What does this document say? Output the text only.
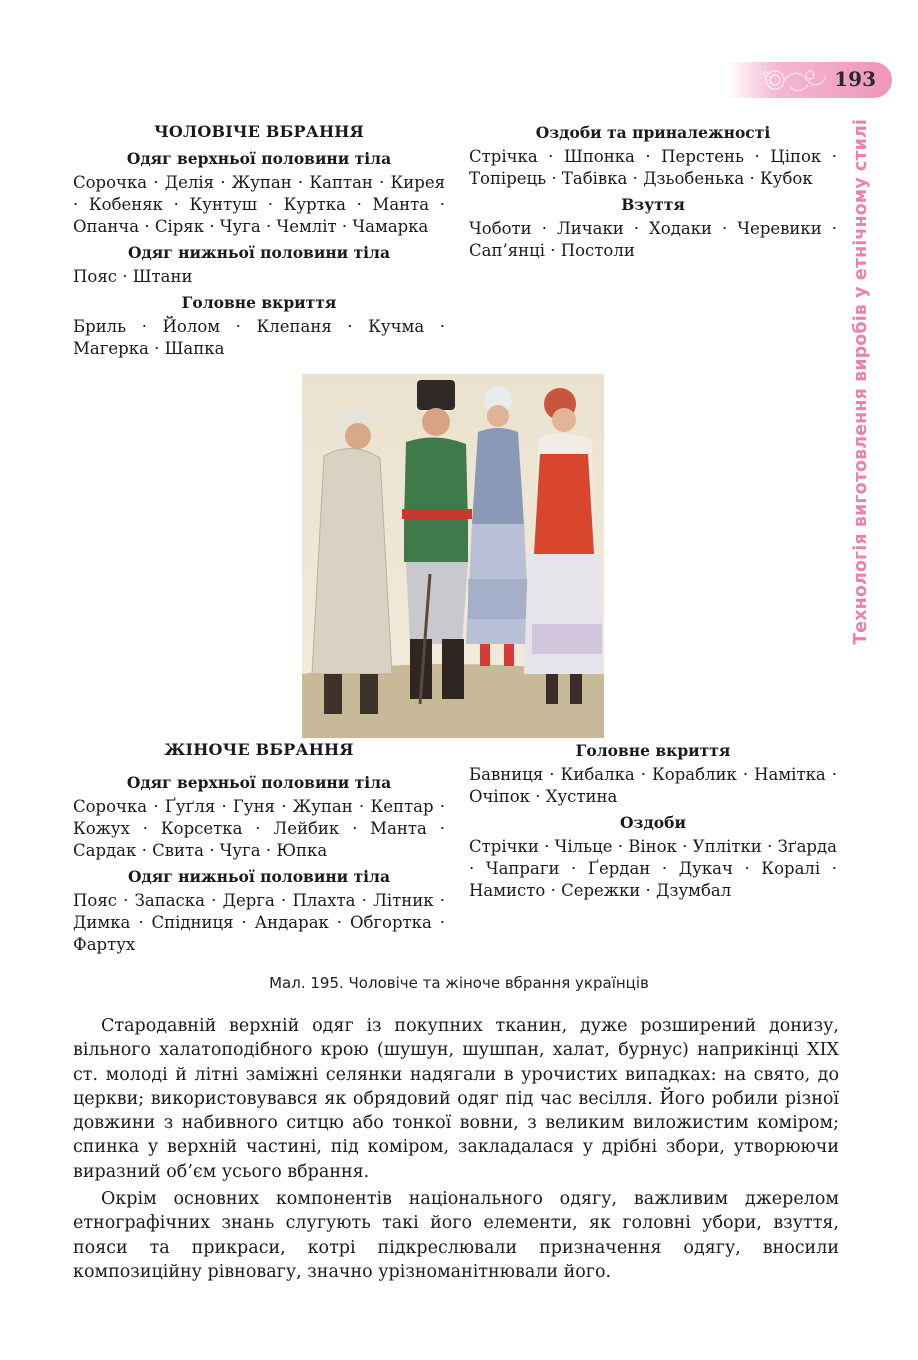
193
Технологія виготовлення виробів у етнічному стилі
ЧОЛОВІЧЕ ВБРАННЯ
Одяг верхньої половини тіла
Сорочка · Делія · Жупан · Каптан · Кирея · Кобеняк · Кунтуш · Куртка · Манта · Опанча · Сіряк · Чуга · Чемліт · Чамарка
Одяг нижньої половини тіла
Пояс · Штани
Головне вкриття
Бриль · Йолом · Клепаня · Кучма · Магерка · Шапка
Оздоби та приналежності
Стрічка · Шпонка · Перстень · Ціпок · Топірець · Табівка · Дзьобенька · Кубок
Взуття
Чоботи · Личаки · Ходаки · Черевики · Сап’янці · Постоли
ЖІНОЧЕ ВБРАННЯ
Одяг верхньої половини тіла
Сорочка · Ґуґля · Гуня · Жупан · Кептар · Кожух · Корсетка · Лейбик · Манта · Сардак · Свита · Чуга · Юпка
Одяг нижньої половини тіла
Пояс · Запаска · Дерга · Плахта · Літник · Димка · Спідниця · Андарак · Обгортка · Фартух
Головне вкриття
Бавниця · Кибалка · Кораблик · Намітка · Очіпок · Хустина
Оздоби
Стрічки · Чільце · Вінок · Уплітки · Зґарда · Чапраги · Ґердан · Дукач · Коралі · Намисто · Сережки · Дзумбал
Мал. 195. Чоловіче та жіноче вбрання українців

Стародавній верхній одяг із покупних тканин, дуже розширений донизу, вільного халатоподібного крою (шушун, шушпан, халат, бурнус) наприкінці XIX ст. молоді й літні заміжні селянки надягали в урочистих випадках: на свято, до церкви; використовувався як обрядовий одяг під час весілля. Його робили різної довжини з набивного ситцю або тонкої вовни, з великим виложистим коміром; спинка у верхній частині, під коміром, закладалася у дрібні збори, утворюючи виразний об’єм усього вбрання.

Окрім основних компонентів національного одягу, важливим джерелом етнографічних знань слугують такі його елементи, як головні убори, взуття, пояси та прикраси, котрі підкреслювали призначення одягу, вносили композиційну рівновагу, значно урізноманітнювали його.
